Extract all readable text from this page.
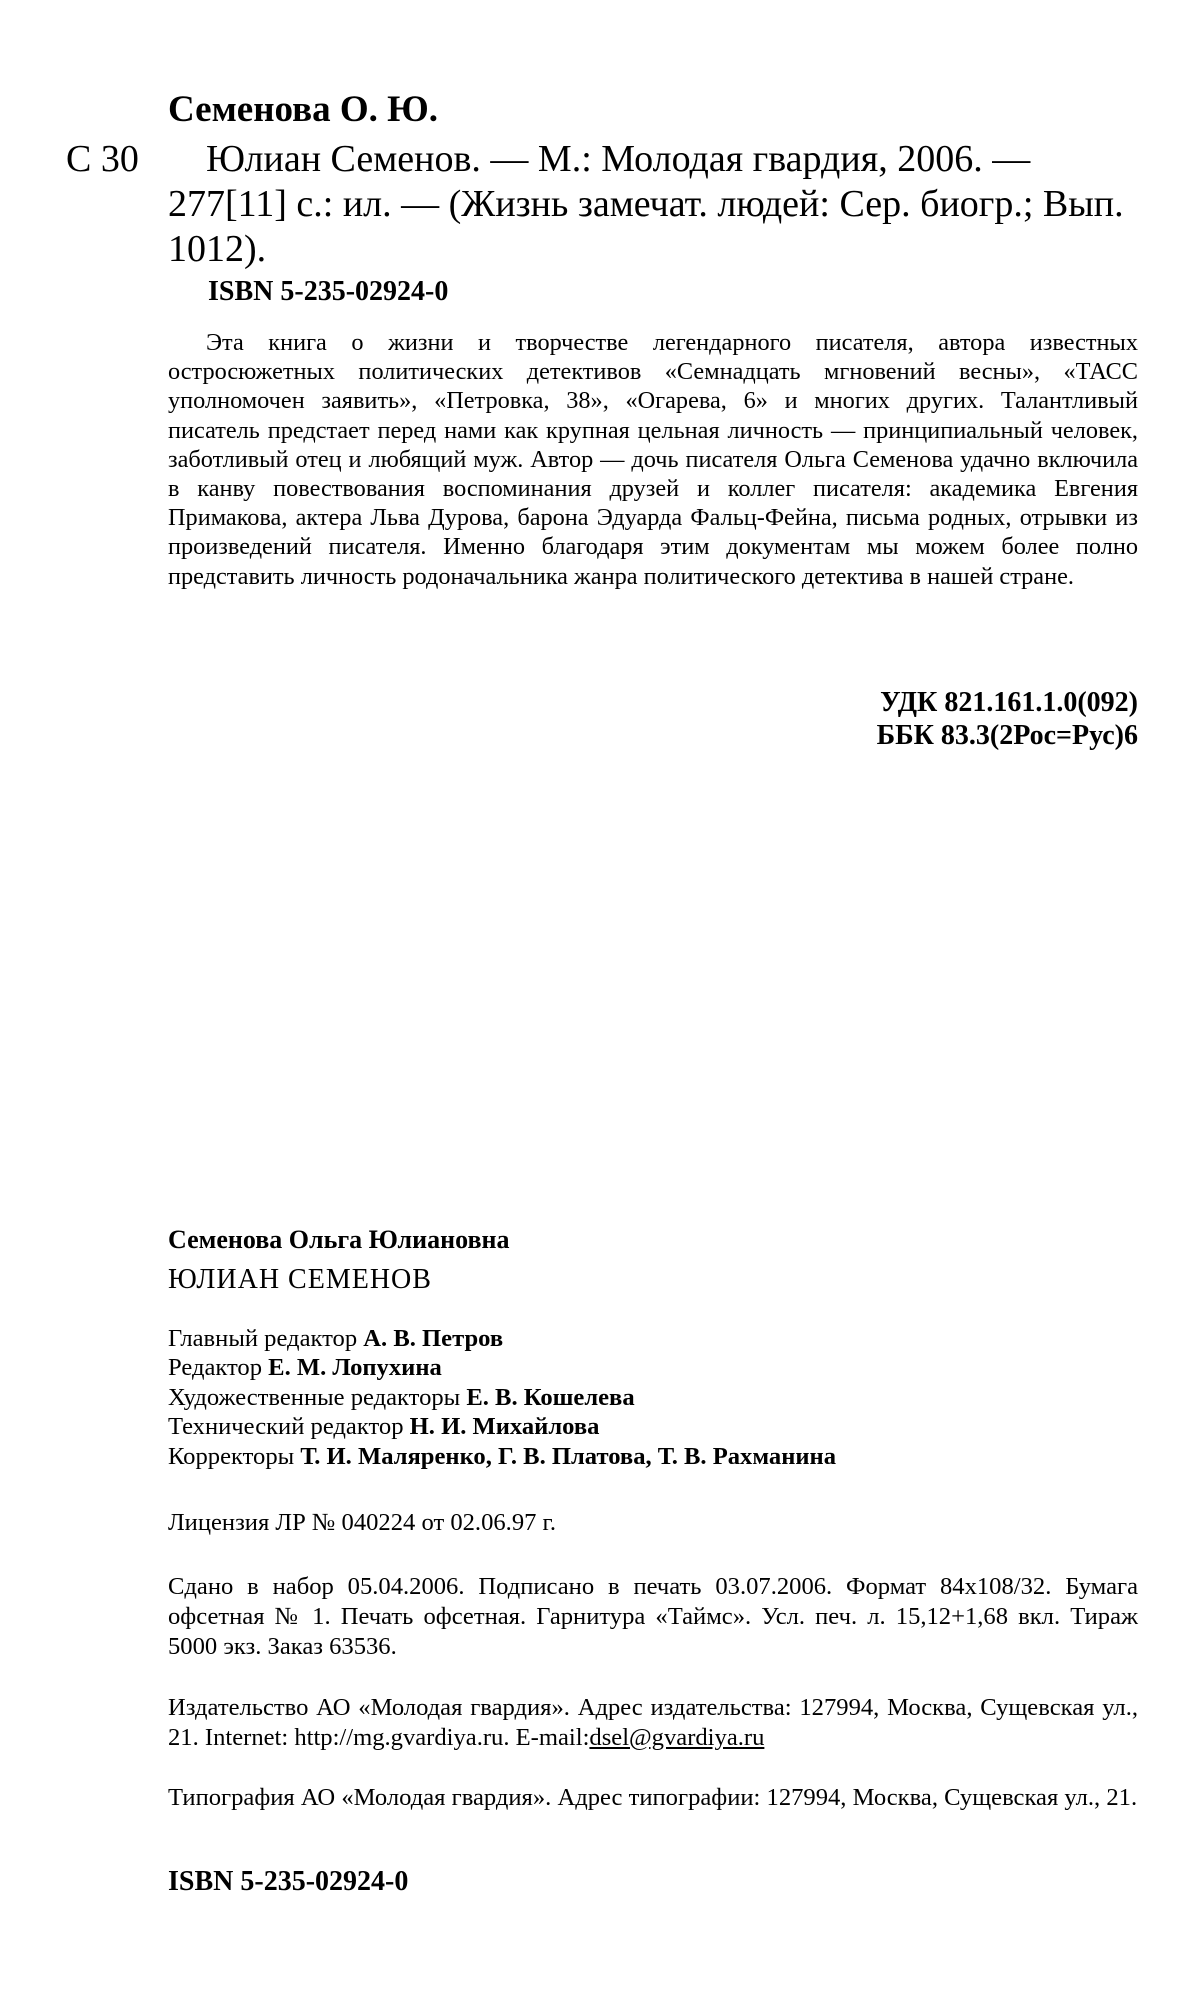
Семенова О. Ю.
С 30	Юлиан Семенов. — М.: Молодая гвардия, 2006. — 277[11] с.: ил. — (Жизнь замечат. людей: Сер. биогр.; Вып. 1012).
ISBN 5-235-02924-0
Эта книга о жизни и творчестве легендарного писателя, автора известных остросюжетных политических детективов «Семнадцать мгновений весны», «ТАСС уполномочен заявить», «Петровка, 38», «Огарева, 6» и многих других. Талантливый писатель предстает перед нами как крупная цельная личность — принципиальный человек, заботливый отец и любящий муж. Автор — дочь писателя Ольга Семенова удачно включила в канву повествования воспоминания друзей и коллег писателя: академика Евгения Примакова, актера Льва Дурова, барона Эдуарда Фальц-Фейна, письма родных, отрывки из произведений писателя. Именно благодаря этим документам мы можем более полно представить личность родоначальника жанра политического детектива в нашей стране.
УДК 821.161.1.0(092)
ББК 83.3(2Рос=Рус)6
Семенова Ольга Юлиановна
ЮЛИАН СЕМЕНОВ
Главный редактор А. В. Петров
Редактор Е. М. Лопухина
Художественные редакторы Е. В. Кошелева
Технический редактор Н. И. Михайлова
Корректоры Т. И. Маляренко, Г. В. Платова, Т. В. Рахманина
Лицензия ЛР № 040224 от 02.06.97 г.
Сдано в набор 05.04.2006. Подписано в печать 03.07.2006. Формат 84х108/32. Бумага офсетная № 1. Печать офсетная. Гарнитура «Таймс». Усл. печ. л. 15,12+1,68 вкл. Тираж 5000 экз. Заказ 63536.
Издательство АО «Молодая гвардия». Адрес издательства: 127994, Москва, Сущевская ул., 21. Internet: http://mg.gvardiya.ru. E-mail:dsel@gvardiya.ru
Типография АО «Молодая гвардия». Адрес типографии: 127994, Москва, Сущевская ул., 21.
ISBN 5-235-02924-0
